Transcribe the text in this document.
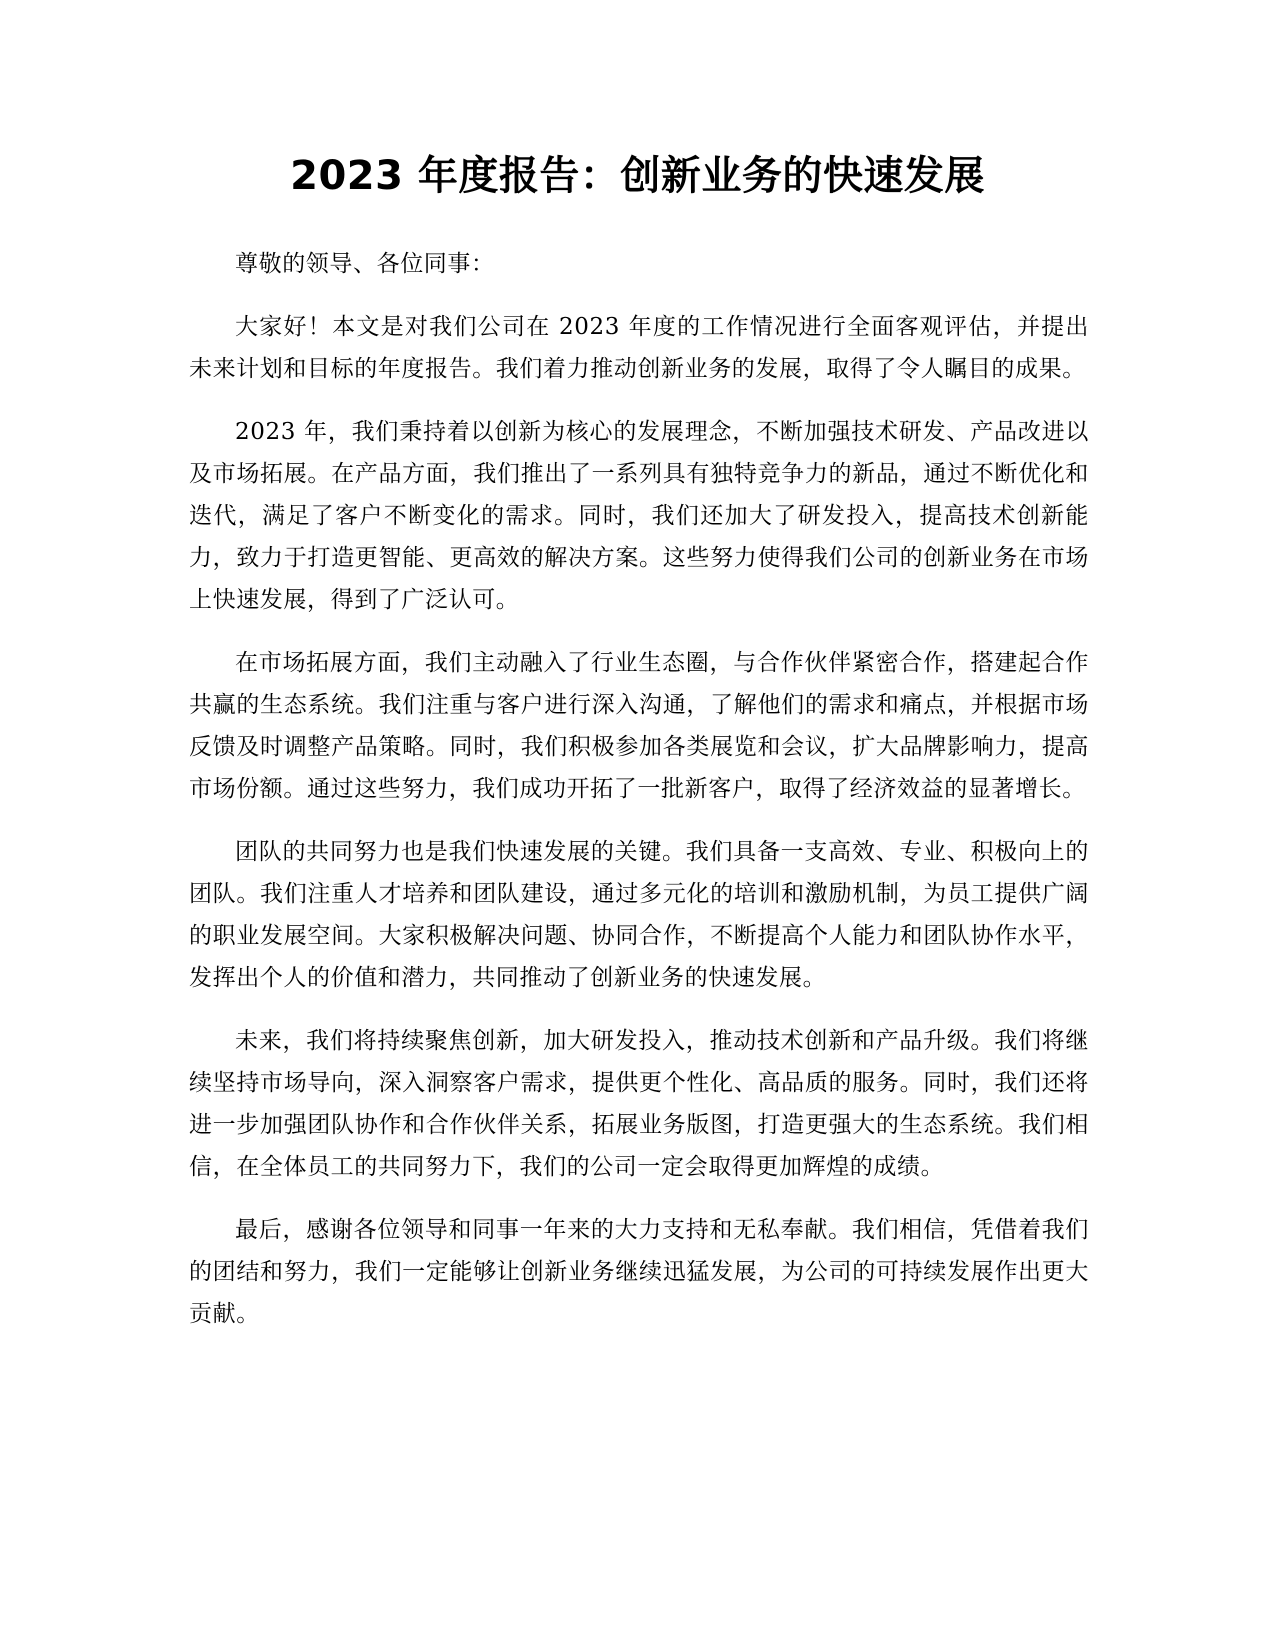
2023 年度报告：创新业务的快速发展

尊敬的领导、各位同事：

大家好！本文是对我们公司在 2023 年度的工作情况进行全面客观评估，并提出未来计划和目标的年度报告。我们着力推动创新业务的发展，取得了令人瞩目的成果。

2023 年，我们秉持着以创新为核心的发展理念，不断加强技术研发、产品改进以及市场拓展。在产品方面，我们推出了一系列具有独特竞争力的新品，通过不断优化和迭代，满足了客户不断变化的需求。同时，我们还加大了研发投入，提高技术创新能力，致力于打造更智能、更高效的解决方案。这些努力使得我们公司的创新业务在市场上快速发展，得到了广泛认可。

在市场拓展方面，我们主动融入了行业生态圈，与合作伙伴紧密合作，搭建起合作共赢的生态系统。我们注重与客户进行深入沟通，了解他们的需求和痛点，并根据市场反馈及时调整产品策略。同时，我们积极参加各类展览和会议，扩大品牌影响力，提高市场份额。通过这些努力，我们成功开拓了一批新客户，取得了经济效益的显著增长。

团队的共同努力也是我们快速发展的关键。我们具备一支高效、专业、积极向上的团队。我们注重人才培养和团队建设，通过多元化的培训和激励机制，为员工提供广阔的职业发展空间。大家积极解决问题、协同合作，不断提高个人能力和团队协作水平，发挥出个人的价值和潜力，共同推动了创新业务的快速发展。

未来，我们将持续聚焦创新，加大研发投入，推动技术创新和产品升级。我们将继续坚持市场导向，深入洞察客户需求，提供更个性化、高品质的服务。同时，我们还将进一步加强团队协作和合作伙伴关系，拓展业务版图，打造更强大的生态系统。我们相信，在全体员工的共同努力下，我们的公司一定会取得更加辉煌的成绩。

最后，感谢各位领导和同事一年来的大力支持和无私奉献。我们相信，凭借着我们的团结和努力，我们一定能够让创新业务继续迅猛发展，为公司的可持续发展作出更大贡献。
